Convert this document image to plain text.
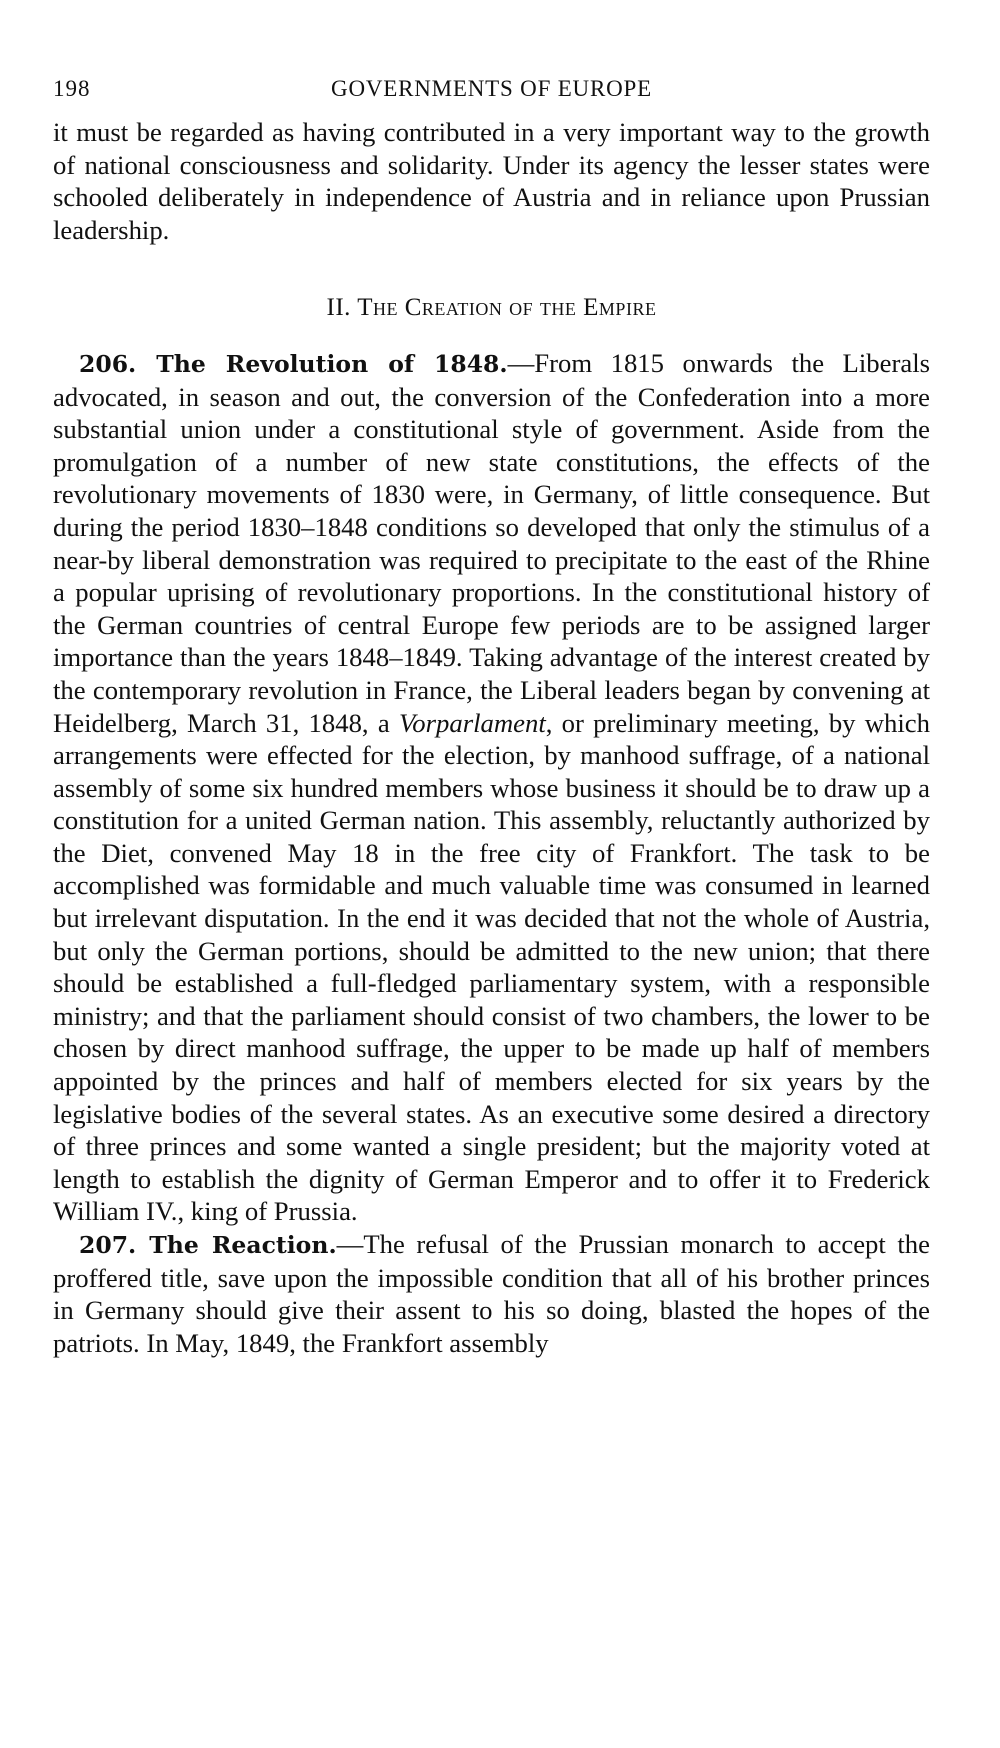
198	GOVERNMENTS OF EUROPE

it must be regarded as having contributed in a very important way to the growth of national consciousness and solidarity. Under its agency the lesser states were schooled deliberately in independence of Austria and in reliance upon Prussian leadership.

II. The Creation of the Empire

206. The Revolution of 1848.—From 1815 onwards the Liberals advocated, in season and out, the conversion of the Confederation into a more substantial union under a constitutional style of government. Aside from the promulgation of a number of new state constitutions, the effects of the revolutionary movements of 1830 were, in Germany, of little consequence. But during the period 1830–1848 conditions so developed that only the stimulus of a near-by liberal demonstration was required to precipitate to the east of the Rhine a popular uprising of revolutionary proportions. In the constitutional history of the German countries of central Europe few periods are to be assigned larger importance than the years 1848–1849. Taking advantage of the interest created by the contemporary revolution in France, the Liberal leaders began by convening at Heidelberg, March 31, 1848, a Vorparlament, or preliminary meeting, by which arrangements were effected for the election, by manhood suffrage, of a national assembly of some six hundred members whose business it should be to draw up a constitution for a united German nation. This assembly, reluctantly authorized by the Diet, convened May 18 in the free city of Frankfort. The task to be accomplished was formidable and much valuable time was consumed in learned but irrelevant disputation. In the end it was decided that not the whole of Austria, but only the German portions, should be admitted to the new union; that there should be established a full-fledged parliamentary system, with a responsible ministry; and that the parliament should consist of two chambers, the lower to be chosen by direct manhood suffrage, the upper to be made up half of members appointed by the princes and half of members elected for six years by the legislative bodies of the several states. As an executive some desired a directory of three princes and some wanted a single president; but the majority voted at length to establish the dignity of German Emperor and to offer it to Frederick William IV., king of Prussia.

207. The Reaction.—The refusal of the Prussian monarch to accept the proffered title, save upon the impossible condition that all of his brother princes in Germany should give their assent to his so doing, blasted the hopes of the patriots. In May, 1849, the Frankfort assembly
